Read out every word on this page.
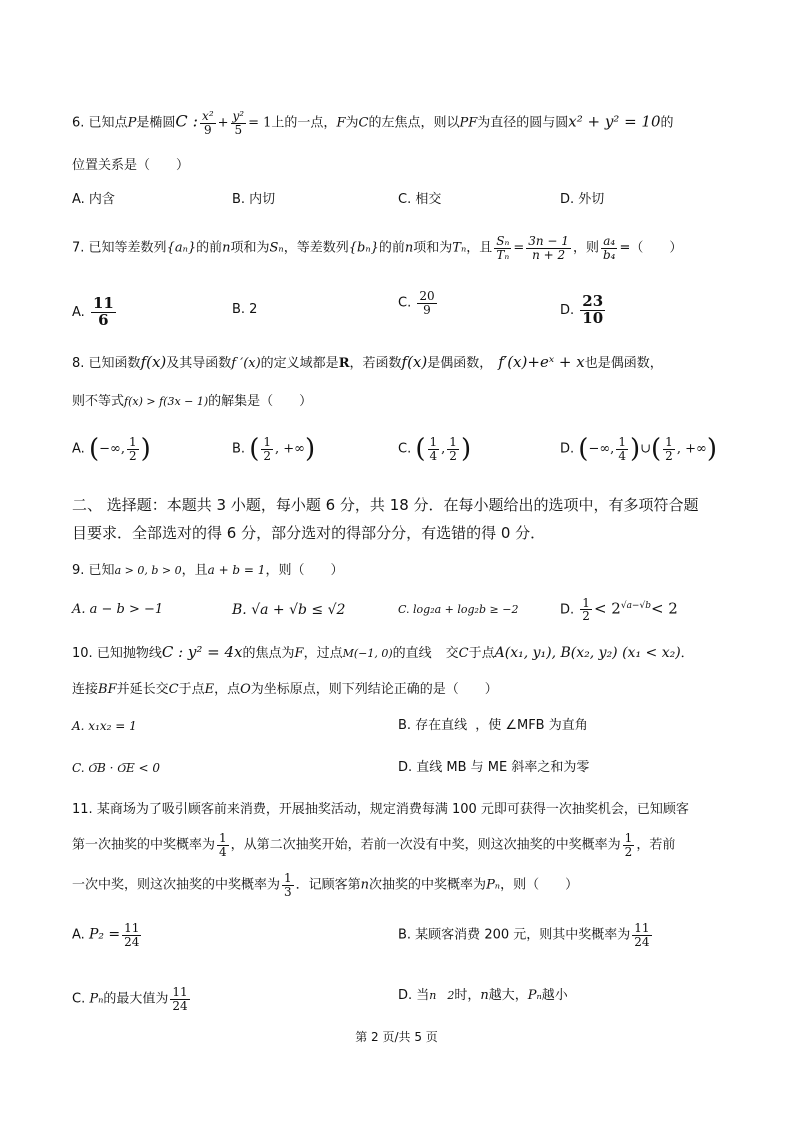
6. 已知点P是椭圆C : $\frac{\text{x²}}{9} + \frac{\text{y²}}{5} = 1$上的一点，F为C的左焦点，则以PF为直径的圆与圆x² + y² = 10的
位置关系是（　　）
A. 内含	B. 内切	C. 相交	D. 外切
7. 已知等差数列{aₙ}的前n项和为Sₙ，等差数列{bₙ}的前n项和为Tₙ，且 $\frac{\text{Sₙ}}{\text{Tₙ}} = \frac{3n - 1}{n + 2}$ ，则 $\frac{\text{a₄}}{\text{b₄}}$ =（　　）
A. $\frac{11}{6}$	B. 2	C. $\frac{20}{9}$	D. $\frac{23}{10}$
8. 已知函数f(x)及其导函数f ′(x)的定义域都是R，若函数f(x)是偶函数， f′(x)+eˣ + x也是偶函数，
则不等式f(x) > f(3x − 1)的解集是（　　）
A. (−∞, $\frac{1}{2}$ )	B. ( $\frac{1}{2}$ , +∞)	C. ( $\frac{1}{4}$ , $\frac{1}{2}$ )	D. (−∞, $\frac{1}{4}$ )∪( $\frac{1}{2}$ , +∞)
二、 选择题：本题共 3 小题，每小题 6 分，共 18 分．在每小题给出的选项中，有多项符合题
目要求．全部选对的得 6 分，部分选对的得部分分，有选错的得 0 分．
9. 已知a > 0, b > 0，且a + b = 1，则（　　）
A. a − b > −1	B. √a + √b ≤ √2	C. log₂a + log₂b ≥ −2	D. $\frac{1}{2} < 2^{√a-√b}< 2$
10. 已知抛物线C : y² = 4x的焦点为F，过点M(−1, 0)的直线 交C于点A(x₁, y₁), B(x₂, y₂) (x₁ < x₂)．
连接BF并延长交C于点E，点O为坐标原点，则下列结论正确的是（　　）
A. x₁x₂ = 1	B. 存在直线 ，使 ∠MFB 为直角
C. O͞B · O͞E < 0	D. 直线 MB 与 ME 斜率之和为零
11. 某商场为了吸引顾客前来消费，开展抽奖活动，规定消费每满 100 元即可获得一次抽奖机会，已知顾客
第一次抽奖的中奖概率为 $\frac{1}{4}$ ，从第二次抽奖开始，若前一次没有中奖，则这次抽奖的中奖概率为 $\frac{1}{2}$ ，若前
一次中奖，则这次抽奖的中奖概率为 $\frac{1}{3}$ ．记顾客第n次抽奖的中奖概率为Pₙ，则（　　）
A. $P_2 = \frac{11}{24}$	B. 某顾客消费 200 元，则其中奖概率为 $\frac{11}{24}$
C. Pₙ的最大值为 $\frac{11}{24}$	D. 当n　2时，n越大，Pₙ越小
第 2 页/共 5 页
